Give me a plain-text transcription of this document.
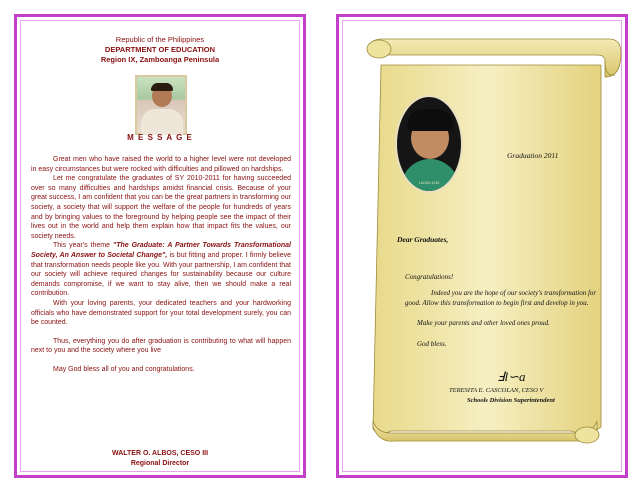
Republic of the Philippines
DEPARTMENT OF EDUCATION
Region IX, Zamboanga Peninsula
M E S S A G E

Great men who have raised the world to a higher level were not developed in easy circumstances but were rocked with difficulties and pillowed on hardships.

Let me congratulate the graduates of SY 2010-2011 for having succeeded over so many difficulties and hardships amidst financial crisis. Because of your great success, I am confident that you can be the great partners in transforming our society, a society that will support the welfare of the people for hundreds of years and by bringing values to the foreground by helping people see the impact of their lives out in the world and help them explain how that impact fits the values, our society needs.

This year's theme "The Graduate: A Partner Towards Transformational Society, An Answer to Societal Change", is but fitting and proper. I firmly believe that transformation needs people like you. With your partnership, I am confident that our society will achieve required changes for sustainability because our culture demands compromise, if we want to stay alive, then we should make a real contribution.

With your loving parents, your dedicated teachers and your hardworking officials who have demonstrated support for your total development surely, you can be counted.

Thus, everything you do after graduation is contributing to what will happen next to you and the society where you live

May God bless all of you and congratulations.

WALTER O. ALBOS, CESO III
Regional Director
LAGDA 1234
Graduation 2011
Dear Graduates,
Congratulations!
Indeed you are the hope of our society's transformation for
good. Allow this transformation to begin first and develop in you.
Make your parents and other loved ones proud.
God bless.
Ⅎl∽a
TERESITA E. CASCOLAN, CESO V
Schools Division Superintendent
